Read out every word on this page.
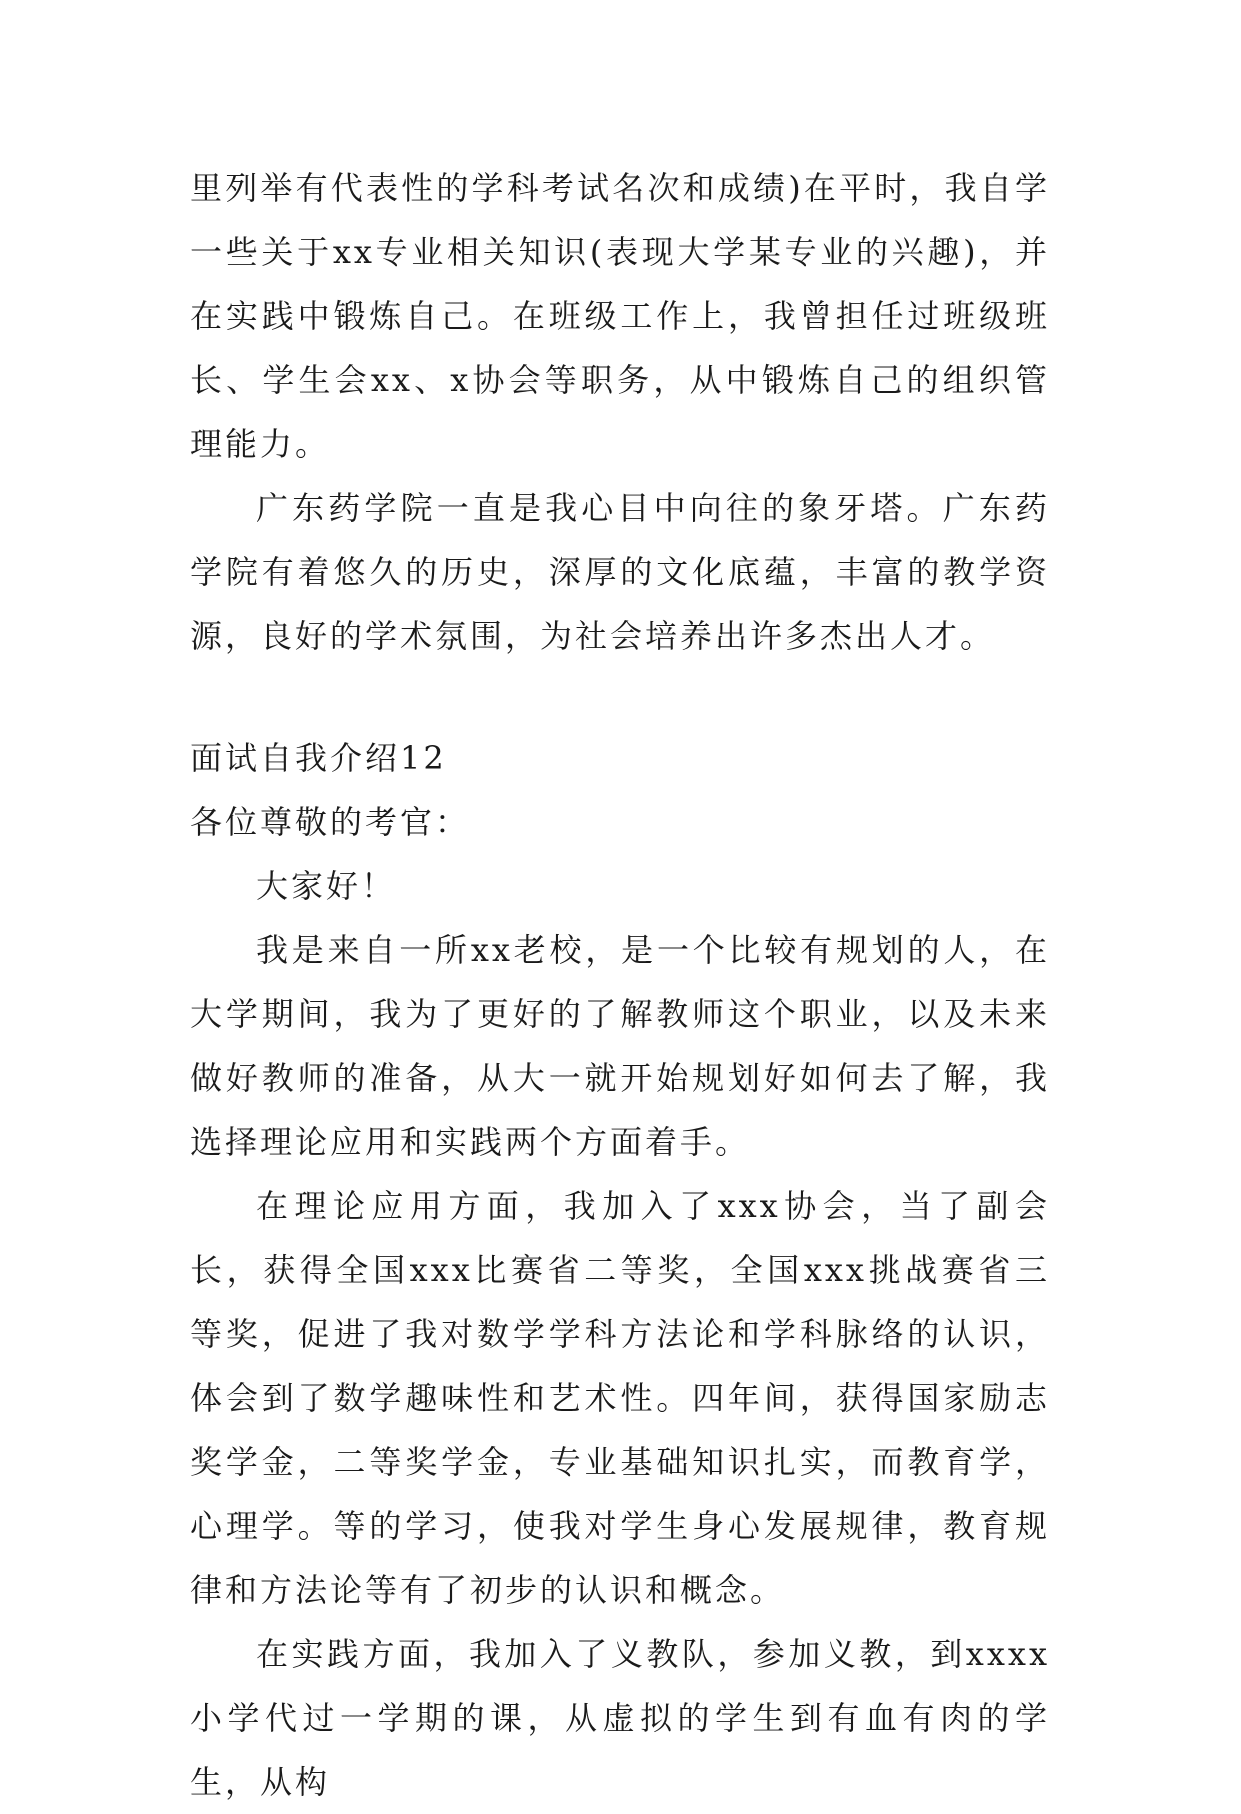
里列举有代表性的学科考试名次和成绩)在平时，我自学一些关于xx专业相关知识(表现大学某专业的兴趣)，并在实践中锻炼自己。在班级工作上，我曾担任过班级班长、学生会xx、x协会等职务，从中锻炼自己的组织管理能力。

广东药学院一直是我心目中向往的象牙塔。广东药学院有着悠久的历史，深厚的文化底蕴，丰富的教学资源，良好的学术氛围，为社会培养出许多杰出人才。

面试自我介绍12

各位尊敬的考官：

大家好！

我是来自一所xx老校，是一个比较有规划的人，在大学期间，我为了更好的了解教师这个职业，以及未来做好教师的准备，从大一就开始规划好如何去了解，我选择理论应用和实践两个方面着手。

在理论应用方面，我加入了xxx协会，当了副会长，获得全国xxx比赛省二等奖，全国xxx挑战赛省三等奖，促进了我对数学学科方法论和学科脉络的认识，体会到了数学趣味性和艺术性。四年间，获得国家励志奖学金，二等奖学金，专业基础知识扎实，而教育学，心理学。等的学习，使我对学生身心发展规律，教育规律和方法论等有了初步的认识和概念。

在实践方面，我加入了义教队，参加义教，到xxxx小学代过一学期的课，从虚拟的学生到有血有肉的学生，从构
